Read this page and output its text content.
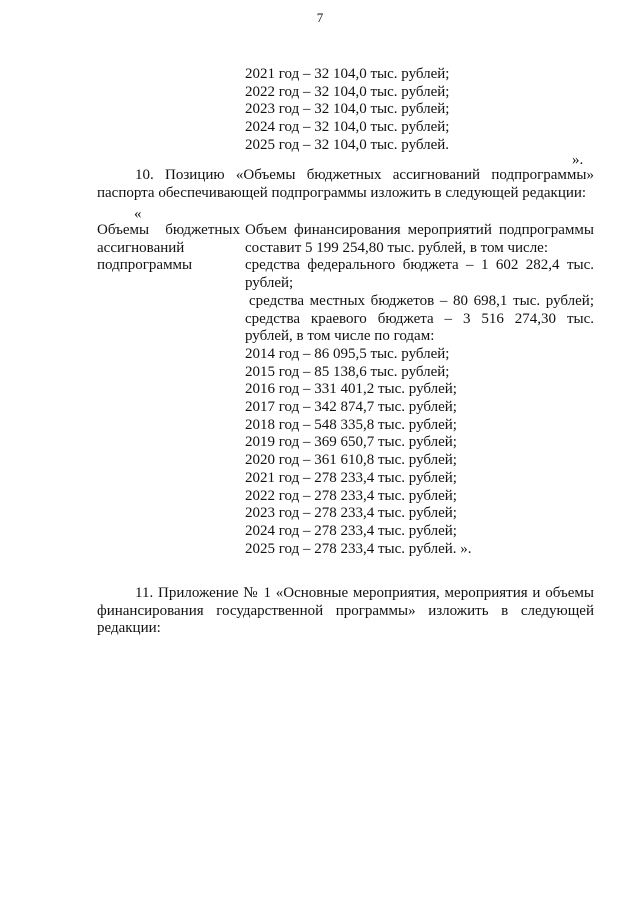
7
2021 год – 32 104,0 тыс. рублей;
2022 год – 32 104,0 тыс. рублей;
2023 год – 32 104,0 тыс. рублей;
2024 год – 32 104,0 тыс. рублей;
2025 год – 32 104,0 тыс. рублей.
».
10. Позицию «Объемы бюджетных ассигнований подпрограммы» паспорта обеспечивающей подпрограммы изложить в следующей редакции:
«
Объемы бюджетных
ассигнований
подпрограммы
Объем финансирования мероприятий подпрограммы
составит 5 199 254,80 тыс. рублей, в том числе:
средства федерального бюджета – 1 602 282,4 тыс.
рублей;
средства местных бюджетов – 80 698,1 тыс. рублей;
средства краевого бюджета – 3 516 274,30 тыс.
рублей, в том числе по годам:
2014 год – 86 095,5 тыс. рублей;
2015 год – 85 138,6 тыс. рублей;
2016 год – 331 401,2 тыс. рублей;
2017 год – 342 874,7 тыс. рублей;
2018 год – 548 335,8 тыс. рублей;
2019 год – 369 650,7 тыс. рублей;
2020 год – 361 610,8 тыс. рублей;
2021 год – 278 233,4 тыс. рублей;
2022 год – 278 233,4 тыс. рублей;
2023 год – 278 233,4 тыс. рублей;
2024 год – 278 233,4 тыс. рублей;
2025 год – 278 233,4 тыс. рублей. ».
11. Приложение № 1 «Основные мероприятия, мероприятия и объемы финансирования государственной программы» изложить в следующей редакции:
